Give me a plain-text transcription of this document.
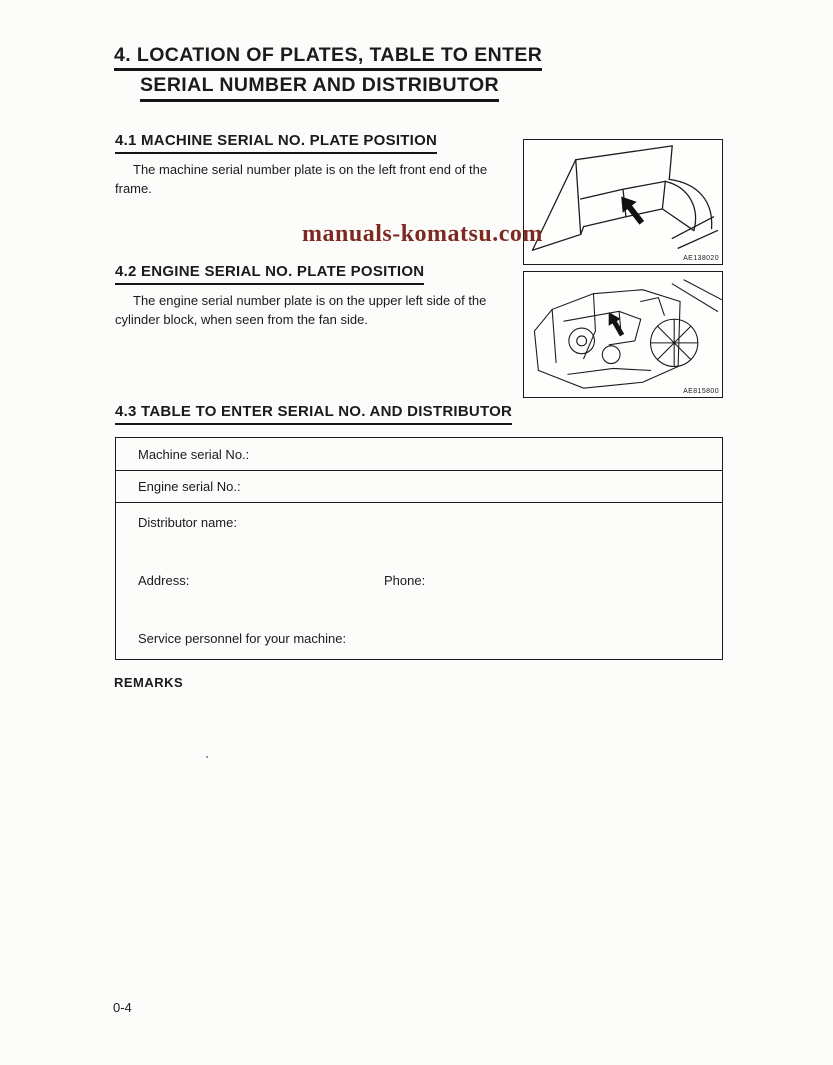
4. LOCATION OF PLATES, TABLE TO ENTER
SERIAL NUMBER AND DISTRIBUTOR
manuals-komatsu.com
4.1 MACHINE SERIAL NO. PLATE POSITION

The machine serial number plate is on the left front end of the frame.

AE138020
4.2 ENGINE SERIAL NO. PLATE POSITION

The engine serial number plate is on the upper left side of the cylinder block, when seen from the fan side.

AE815800
4.3 TABLE TO ENTER SERIAL NO. AND DISTRIBUTOR
Machine serial No.:
Engine serial No.:
Distributor name:
Address:	Phone:
Service personnel for your machine:
REMARKS
0-4
